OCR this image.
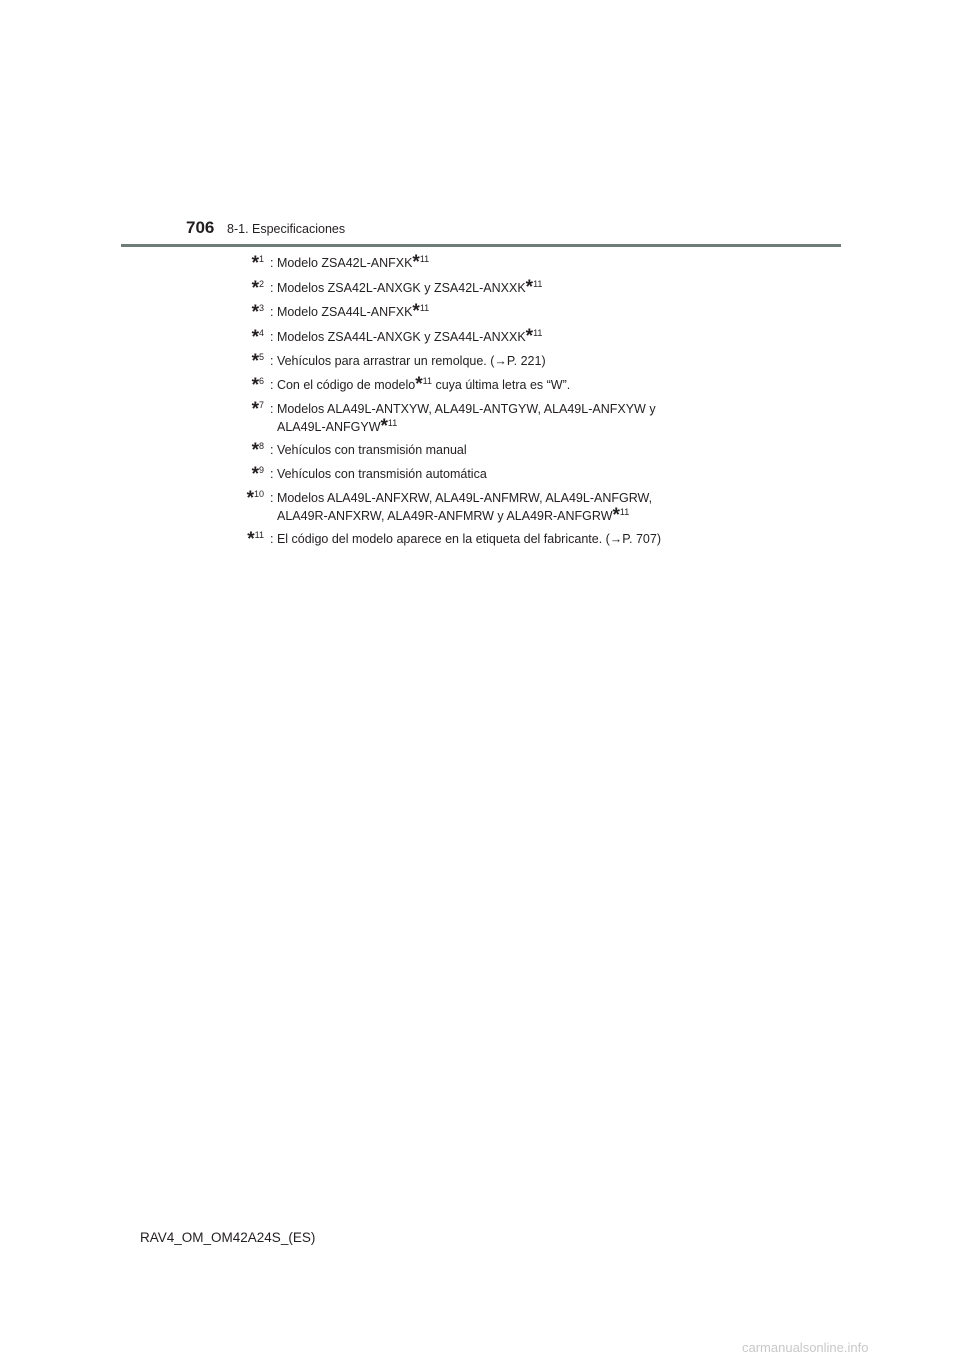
706 8-1. Especificaciones
*$^1$ : Modelo ZSA42L-ANFXK*$^{11}$
*$^2$ : Modelos ZSA42L-ANXGK y ZSA42L-ANXXK*$^{11}$
*$^3$ : Modelo ZSA44L-ANFXK*$^{11}$
*$^4$ : Modelos ZSA44L-ANXGK y ZSA44L-ANXXK*$^{11}$
*$^5$ : Vehículos para arrastrar un remolque. (→P. 221)
*$^6$ : Con el código de modelo*$^{11}$ cuya última letra es “W”.
*$^7$ : Modelos ALA49L-ANTXYW, ALA49L-ANTGYW, ALA49L-ANFXYW y
ALA49L-ANFGYW*$^{11}$
*$^8$ : Vehículos con transmisión manual
*$^9$ : Vehículos con transmisión automática
*$^{10}$ : Modelos ALA49L-ANFXRW, ALA49L-ANFMRW, ALA49L-ANFGRW,
ALA49R-ANFXRW, ALA49R-ANFMRW y ALA49R-ANFGRW*$^{11}$
*$^{11}$ : El código del modelo aparece en la etiqueta del fabricante. (→P. 707)
RAV4_OM_OM42A24S_(ES)
carmanualsonline.info
